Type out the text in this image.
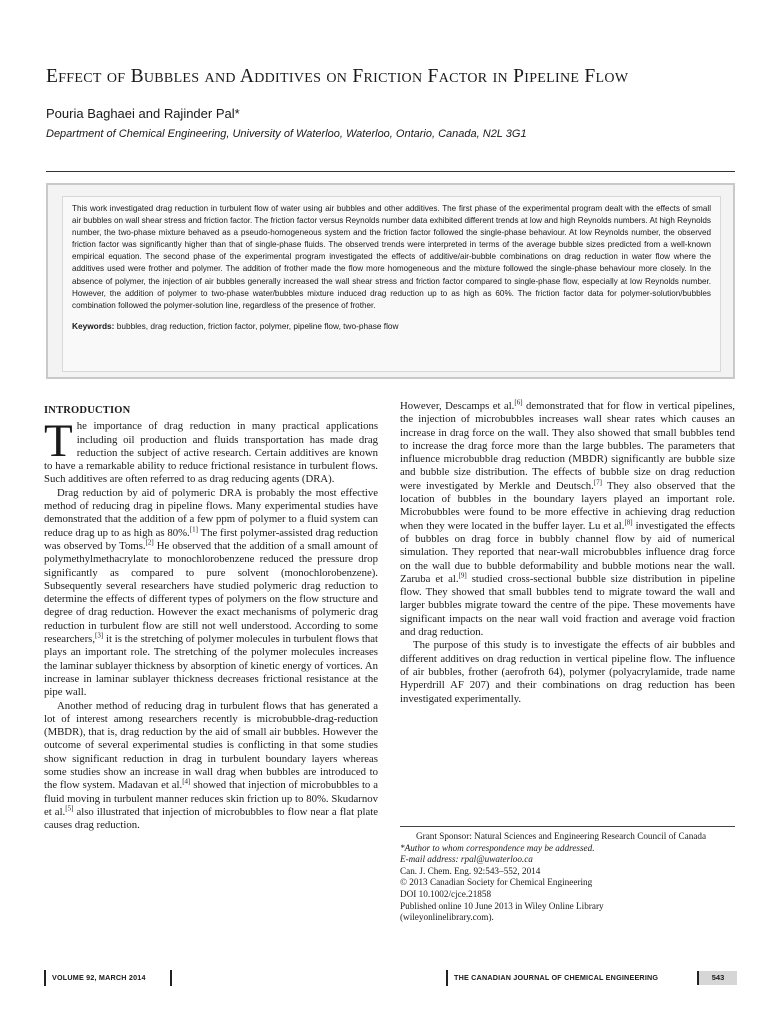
Effect of Bubbles and Additives on Friction Factor in Pipeline Flow
Pouria Baghaei and Rajinder Pal*
Department of Chemical Engineering, University of Waterloo, Waterloo, Ontario, Canada, N2L 3G1

This work investigated drag reduction in turbulent flow of water using air bubbles and other additives. The first phase of the experimental program dealt with the effects of small air bubbles on wall shear stress and friction factor. The friction factor versus Reynolds number data exhibited different trends at low and high Reynolds numbers. At high Reynolds number, the two-phase mixture behaved as a pseudo-homogeneous system and the friction factor followed the single-phase behaviour. At low Reynolds number, the observed friction factor was significantly higher than that of single-phase fluids. The observed trends were interpreted in terms of the average bubble sizes predicted from a well-known empirical equation. The second phase of the experimental program investigated the effects of additive/air-bubble combinations on drag reduction in water flow where the additives used were frother and polymer. The addition of frother made the flow more homogeneous and the mixture followed the single-phase behaviour more closely. In the absence of polymer, the injection of air bubbles generally increased the wall shear stress and friction factor compared to single-phase flow, especially at low Reynolds number. However, the addition of polymer to two-phase water/bubbles mixture induced drag reduction up to as high as 60%. The friction factor data for polymer-solution/bubbles combination followed the polymer-solution line, regardless of the presence of frother.

Keywords: bubbles, drag reduction, friction factor, polymer, pipeline flow, two-phase flow
INTRODUCTION

The importance of drag reduction in many practical applications including oil production and fluids transportation has made drag reduction the subject of active research. Certain additives are known to have a remarkable ability to reduce frictional resistance in turbulent flows. Such additives are often referred to as drag reducing agents (DRA).

Drag reduction by aid of polymeric DRA is probably the most effective method of reducing drag in pipeline flows. Many experimental studies have demonstrated that the addition of a few ppm of polymer to a fluid system can reduce drag up to as high as 80%.[1] The first polymer-assisted drag reduction was observed by Toms.[2] He observed that the addition of a small amount of polymethylmethacrylate to monochlorobenzene reduced the pressure drop significantly as compared to pure solvent (monochlorobenzene). Subsequently several researchers have studied polymeric drag reduction to determine the effects of different types of polymers on the flow structure and degree of drag reduction. However the exact mechanisms of polymeric drag reduction in turbulent flow are still not well understood. According to some researchers,[3] it is the stretching of polymer molecules in turbulent flows that plays an important role. The stretching of the polymer molecules increases the laminar sublayer thickness by absorption of kinetic energy of vortices. An increase in laminar sublayer thickness decreases frictional resistance at the pipe wall.

Another method of reducing drag in turbulent flows that has generated a lot of interest among researchers recently is microbubble-drag-reduction (MBDR), that is, drag reduction by the aid of small air bubbles. However the outcome of several experimental studies is conflicting in that some studies show significant reduction in drag in turbulent boundary layers whereas some studies show an increase in wall drag when bubbles are introduced to the flow system. Madavan et al.[4] showed that injection of microbubbles to a fluid moving in turbulent manner reduces skin friction up to 80%. Skudarnov et al.[5] also illustrated that injection of microbubbles to flow near a flat plate causes drag reduction.

However, Descamps et al.[6] demonstrated that for flow in vertical pipelines, the injection of microbubbles increases wall shear rates which causes an increase in drag force on the wall. They also showed that small bubbles tend to increase the drag force more than the large bubbles. The parameters that influence microbubble drag reduction (MBDR) significantly are bubble size and bubble size distribution. The effects of bubble size on drag reduction were investigated by Merkle and Deutsch.[7] They also observed that the location of bubbles in the boundary layers played an important role. Microbubbles were found to be more effective in achieving drag reduction when they were located in the buffer layer. Lu et al.[8] investigated the effects of bubbles on drag force in bubbly channel flow by aid of numerical simulation. They reported that near-wall microbubbles influence drag force on the wall due to bubble deformability and bubble motions near the wall. Zaruba et al.[9] studied cross-sectional bubble size distribution in pipeline flow. They showed that small bubbles tend to migrate toward the wall and larger bubbles migrate toward the centre of the pipe. These movements have significant impacts on the near wall void fraction and average void fraction and drag reduction.

The purpose of this study is to investigate the effects of air bubbles and different additives on drag reduction in vertical pipeline flow. The influence of air bubbles, frother (aerofroth 64), polymer (polyacrylamide, trade name Hyperdrill AF 207) and their combinations on drag reduction has been investigated experimentally.

Grant Sponsor: Natural Sciences and Engineering Research Council of Canada
*Author to whom correspondence may be addressed.
E-mail address: rpal@uwaterloo.ca
Can. J. Chem. Eng. 92:543–552, 2014
© 2013 Canadian Society for Chemical Engineering
DOI 10.1002/cjce.21858
Published online 10 June 2013 in Wiley Online Library
(wileyonlinelibrary.com).
VOLUME 92, MARCH 2014	THE CANADIAN JOURNAL OF CHEMICAL ENGINEERING	543
